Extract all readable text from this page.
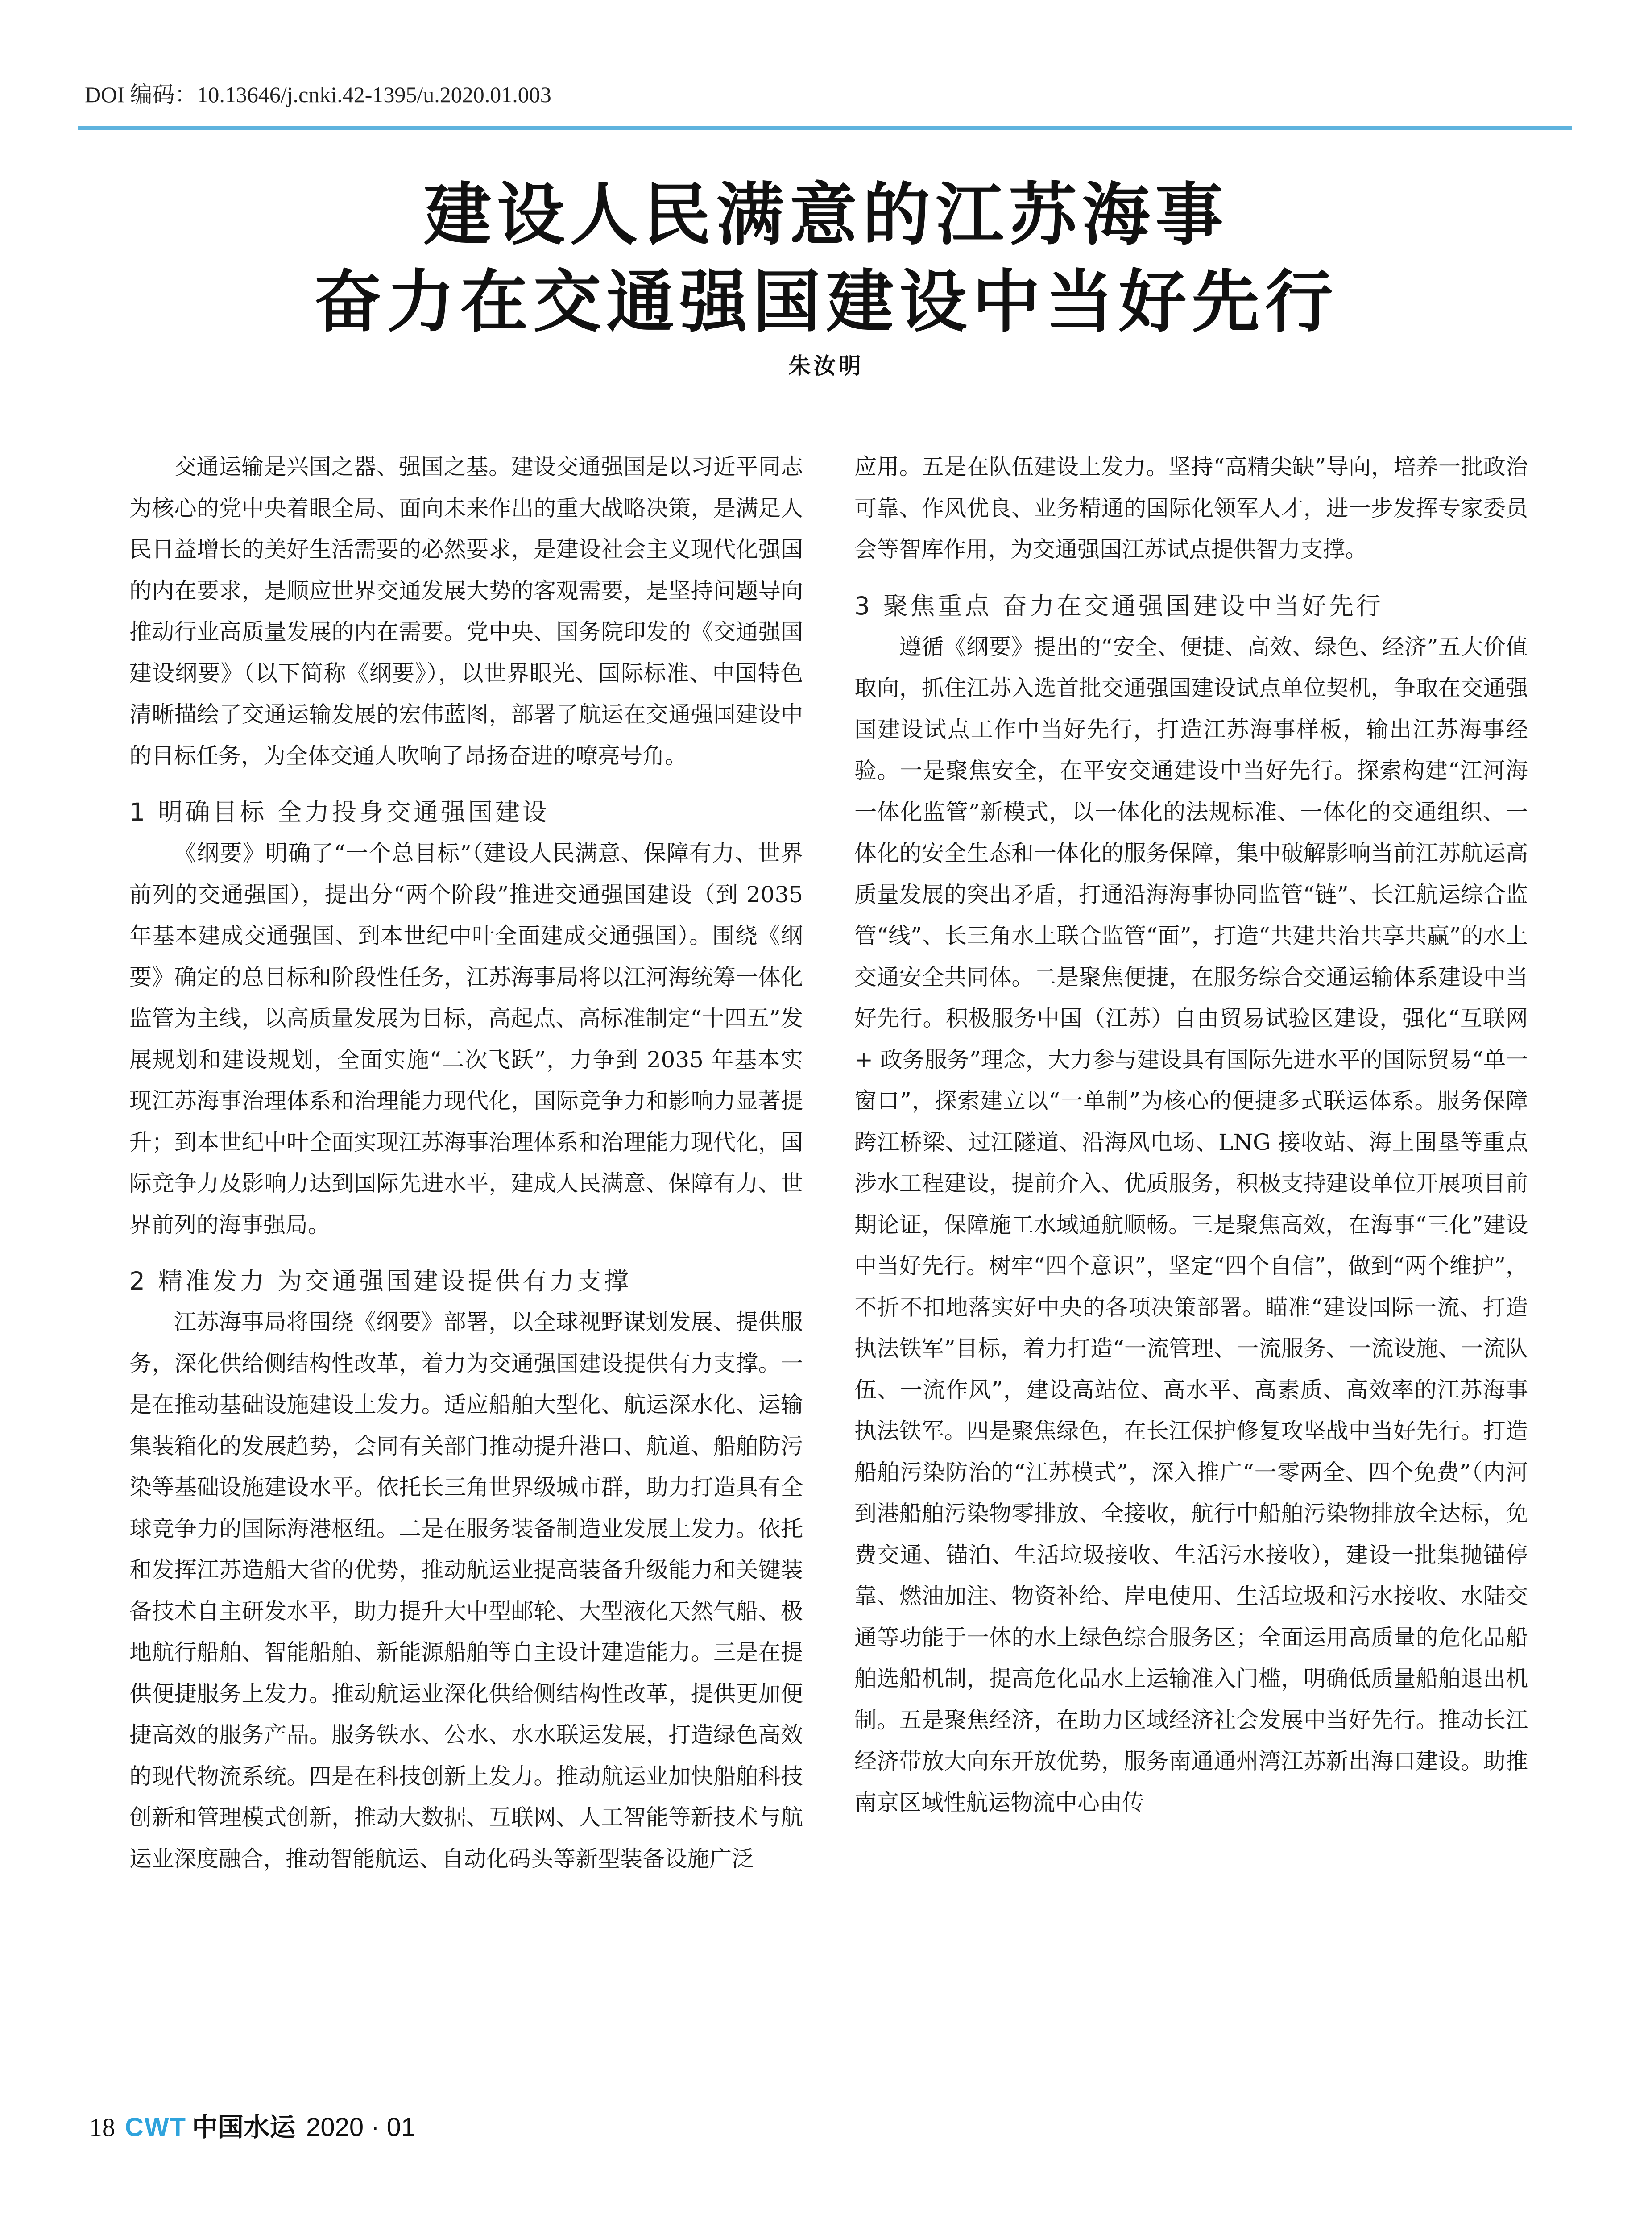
DOI 编码：10.13646/j.cnki.42-1395/u.2020.01.003
建设人民满意的江苏海事
奋力在交通强国建设中当好先行
朱汝明

交通运输是兴国之器、强国之基。建设交通强国是以习近平同志为核心的党中央着眼全局、面向未来作出的重大战略决策，是满足人民日益增长的美好生活需要的必然要求，是建设社会主义现代化强国的内在要求，是顺应世界交通发展大势的客观需要，是坚持问题导向推动行业高质量发展的内在需要。党中央、国务院印发的《交通强国建设纲要》（以下简称《纲要》），以世界眼光、国际标准、中国特色清晰描绘了交通运输发展的宏伟蓝图，部署了航运在交通强国建设中的目标任务，为全体交通人吹响了昂扬奋进的嘹亮号角。

1 明确目标 全力投身交通强国建设

《纲要》明确了“一个总目标”（建设人民满意、保障有力、世界前列的交通强国），提出分“两个阶段”推进交通强国建设（到 2035 年基本建成交通强国、到本世纪中叶全面建成交通强国）。围绕《纲要》确定的总目标和阶段性任务，江苏海事局将以江河海统筹一体化监管为主线，以高质量发展为目标，高起点、高标准制定“十四五”发展规划和建设规划，全面实施“二次飞跃”，力争到 2035 年基本实现江苏海事治理体系和治理能力现代化，国际竞争力和影响力显著提升；到本世纪中叶全面实现江苏海事治理体系和治理能力现代化，国际竞争力及影响力达到国际先进水平，建成人民满意、保障有力、世界前列的海事强局。

2 精准发力 为交通强国建设提供有力支撑

江苏海事局将围绕《纲要》部署，以全球视野谋划发展、提供服务，深化供给侧结构性改革，着力为交通强国建设提供有力支撑。一是在推动基础设施建设上发力。适应船舶大型化、航运深水化、运输集装箱化的发展趋势，会同有关部门推动提升港口、航道、船舶防污染等基础设施建设水平。依托长三角世界级城市群，助力打造具有全球竞争力的国际海港枢纽。二是在服务装备制造业发展上发力。依托和发挥江苏造船大省的优势，推动航运业提高装备升级能力和关键装备技术自主研发水平，助力提升大中型邮轮、大型液化天然气船、极地航行船舶、智能船舶、新能源船舶等自主设计建造能力。三是在提供便捷服务上发力。推动航运业深化供给侧结构性改革，提供更加便捷高效的服务产品。服务铁水、公水、水水联运发展，打造绿色高效的现代物流系统。四是在科技创新上发力。推动航运业加快船舶科技创新和管理模式创新，推动大数据、互联网、人工智能等新技术与航运业深度融合，推动智能航运、自动化码头等新型装备设施广泛

应用。五是在队伍建设上发力。坚持“高精尖缺”导向，培养一批政治可靠、作风优良、业务精通的国际化领军人才，进一步发挥专家委员会等智库作用，为交通强国江苏试点提供智力支撑。

3 聚焦重点 奋力在交通强国建设中当好先行

遵循《纲要》提出的“安全、便捷、高效、绿色、经济”五大价值取向，抓住江苏入选首批交通强国建设试点单位契机，争取在交通强国建设试点工作中当好先行，打造江苏海事样板，输出江苏海事经验。一是聚焦安全，在平安交通建设中当好先行。探索构建“江河海一体化监管”新模式，以一体化的法规标准、一体化的交通组织、一体化的安全生态和一体化的服务保障，集中破解影响当前江苏航运高质量发展的突出矛盾，打通沿海海事协同监管“链”、长江航运综合监管“线”、长三角水上联合监管“面”，打造“共建共治共享共赢”的水上交通安全共同体。二是聚焦便捷，在服务综合交通运输体系建设中当好先行。积极服务中国（江苏）自由贸易试验区建设，强化“互联网 + 政务服务”理念，大力参与建设具有国际先进水平的国际贸易“单一窗口”，探索建立以“一单制”为核心的便捷多式联运体系。服务保障跨江桥梁、过江隧道、沿海风电场、LNG 接收站、海上围垦等重点涉水工程建设，提前介入、优质服务，积极支持建设单位开展项目前期论证，保障施工水域通航顺畅。三是聚焦高效，在海事“三化”建设中当好先行。树牢“四个意识”，坚定“四个自信”，做到“两个维护”，不折不扣地落实好中央的各项决策部署。瞄准“建设国际一流、打造执法铁军”目标，着力打造“一流管理、一流服务、一流设施、一流队伍、一流作风”，建设高站位、高水平、高素质、高效率的江苏海事执法铁军。四是聚焦绿色，在长江保护修复攻坚战中当好先行。打造船舶污染防治的“江苏模式”，深入推广“一零两全、四个免费”（内河到港船舶污染物零排放、全接收，航行中船舶污染物排放全达标，免费交通、锚泊、生活垃圾接收、生活污水接收），建设一批集抛锚停靠、燃油加注、物资补给、岸电使用、生活垃圾和污水接收、水陆交通等功能于一体的水上绿色综合服务区；全面运用高质量的危化品船舶选船机制，提高危化品水上运输准入门槛，明确低质量船舶退出机制。五是聚焦经济，在助力区域经济社会发展中当好先行。推动长江经济带放大向东开放优势，服务南通通州湾江苏新出海口建设。助推南京区域性航运物流中心由传

18 CWT 中国水运 2020 · 01
